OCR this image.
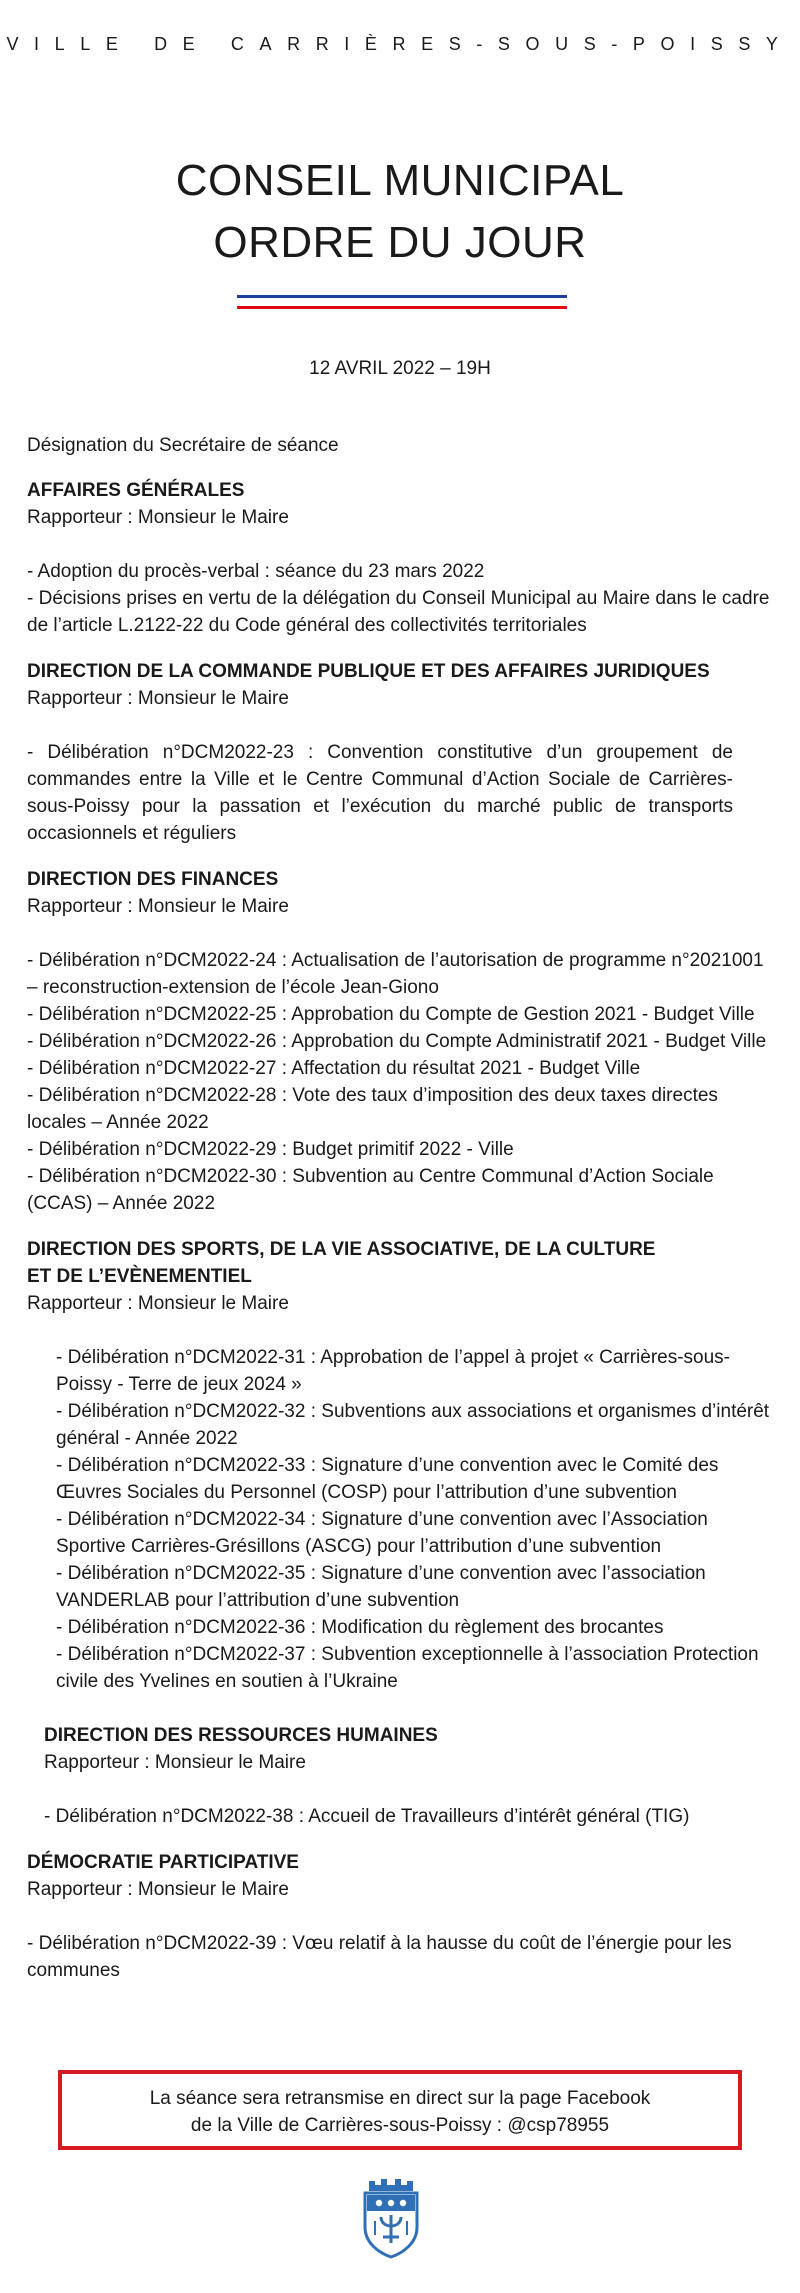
VILLE DE CARRIÈRES-SOUS-POISSY
CONSEIL MUNICIPAL
ORDRE DU JOUR
12 AVRIL 2022 – 19H

Désignation du Secrétaire de séance

AFFAIRES GÉNÉRALES

Rapporteur : Monsieur le Maire

- Adoption du procès-verbal : séance du 23 mars 2022

- Décisions prises en vertu de la délégation du Conseil Municipal au Maire dans le cadre de l’article L.2122-22 du Code général des collectivités territoriales

DIRECTION DE LA COMMANDE PUBLIQUE ET DES AFFAIRES JURIDIQUES

Rapporteur : Monsieur le Maire

- Délibération n°DCM2022-23 : Convention constitutive d’un groupement de commandes entre la Ville et le Centre Communal d’Action Sociale de Carrières-sous-Poissy pour la passation et l’exécution du marché public de transports occasionnels et réguliers

DIRECTION DES FINANCES

Rapporteur : Monsieur le Maire

- Délibération n°DCM2022-24 : Actualisation de l’autorisation de programme n°2021001 – reconstruction-extension de l’école Jean-Giono

- Délibération n°DCM2022-25 : Approbation du Compte de Gestion 2021 - Budget Ville

- Délibération n°DCM2022-26 : Approbation du Compte Administratif 2021 - Budget Ville

- Délibération n°DCM2022-27 : Affectation du résultat 2021 - Budget Ville

- Délibération n°DCM2022-28 : Vote des taux d’imposition des deux taxes directes locales – Année 2022

- Délibération n°DCM2022-29 : Budget primitif 2022 - Ville

- Délibération n°DCM2022-30 : Subvention au Centre Communal d’Action Sociale (CCAS) – Année 2022

DIRECTION DES SPORTS, DE LA VIE ASSOCIATIVE, DE LA CULTURE

ET DE L’EVÈNEMENTIEL

Rapporteur : Monsieur le Maire

- Délibération n°DCM2022-31 : Approbation de l’appel à projet « Carrières-sous-Poissy - Terre de jeux 2024 »

- Délibération n°DCM2022-32 : Subventions aux associations et organismes d’intérêt général - Année 2022

- Délibération n°DCM2022-33 : Signature d’une convention avec le Comité des Œuvres Sociales du Personnel (COSP) pour l’attribution d’une subvention

- Délibération n°DCM2022-34 : Signature d’une convention avec l’Association Sportive Carrières-Grésillons (ASCG) pour l’attribution d’une subvention

- Délibération n°DCM2022-35 : Signature d’une convention avec l’association VANDERLAB pour l’attribution d’une subvention

- Délibération n°DCM2022-36 : Modification du règlement des brocantes

- Délibération n°DCM2022-37 : Subvention exceptionnelle à l’association Protection civile des Yvelines en soutien à l’Ukraine

DIRECTION DES RESSOURCES HUMAINES

Rapporteur : Monsieur le Maire

- Délibération n°DCM2022-38 : Accueil de Travailleurs d’intérêt général (TIG)

DÉMOCRATIE PARTICIPATIVE

Rapporteur : Monsieur le Maire

- Délibération n°DCM2022-39 : Vœu relatif à la hausse du coût de l’énergie pour les communes

La séance sera retransmise en direct sur la page Facebook
de la Ville de Carrières-sous-Poissy : @csp78955
